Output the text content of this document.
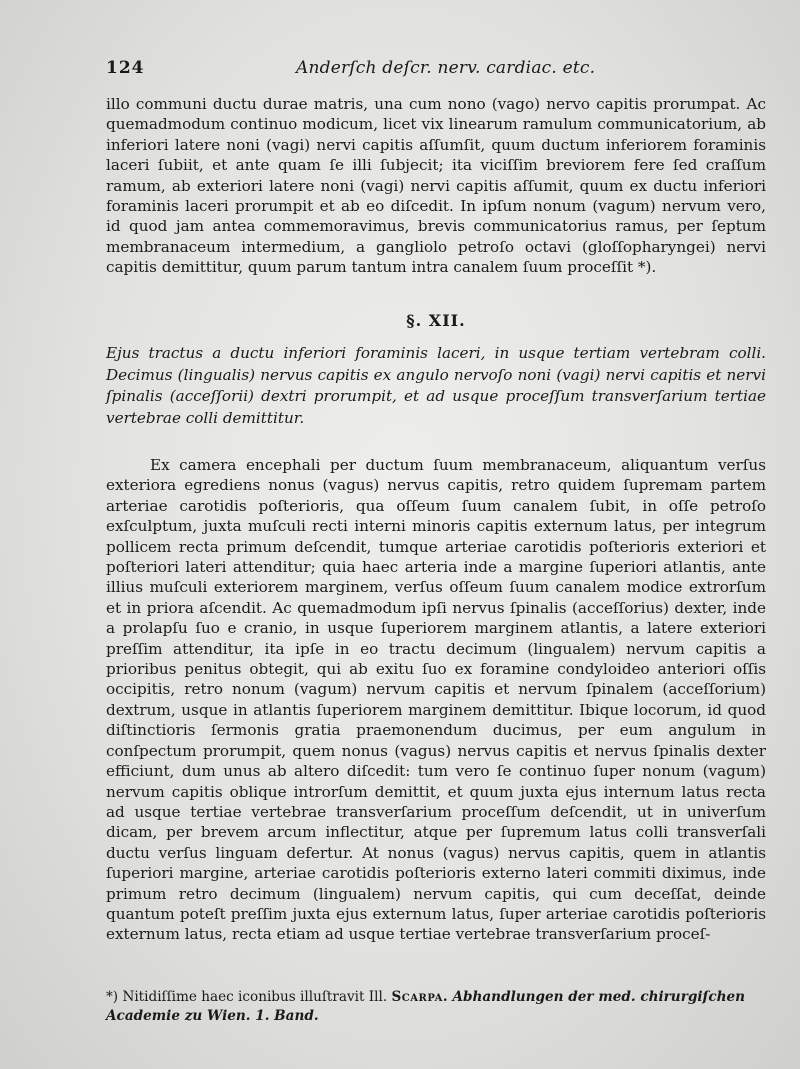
124	Anderſch deſcr. nerv. cardiac. etc.

illo communi ductu durae matris, una cum nono (vago) nervo capitis prorumpat. Ac quemadmodum continuo modicum, licet vix linearum ramulum communicatorium, ab inferiori latere noni (vagi) nervi capitis aſſumſit, quum ductum inferiorem foraminis laceri ſubiit, et ante quam ſe illi ſubjecit; ita viciſſim breviorem fere ſed craſſum ramum, ab exteriori latere noni (vagi) nervi capitis aſſumit, quum ex ductu inferiori foraminis laceri prorumpit et ab eo diſcedit. In ipſum nonum (vagum) nervum vero, id quod jam antea commemoravimus, brevis communicatorius ramus, per ſeptum membranaceum intermedium, a gangliolo petroſo octavi (gloſſopharyngei) nervi capitis demittitur, quum parum tantum intra canalem ſuum proceſſit *).

§. XII.

Ejus tractus a ductu inferiori foraminis laceri, in usque tertiam vertebram colli. Decimus (lingualis) nervus capitis ex angulo nervoſo noni (vagi) nervi capitis et nervi ſpinalis (acceſſorii) dextri prorumpit, et ad usque proceſſum transverſarium tertiae vertebrae colli demittitur.

Ex camera encephali per ductum ſuum membranaceum, aliquantum verſus exteriora egrediens nonus (vagus) nervus capitis, retro quidem ſupremam partem arteriae carotidis poſterioris, qua oſſeum ſuum canalem ſubit, in oſſe petroſo exſculptum, juxta muſculi recti interni minoris capitis externum latus, per integrum pollicem recta primum deſcendit, tumque arteriae carotidis poſterioris exteriori et poſteriori lateri attenditur; quia haec arteria inde a margine ſuperiori atlantis, ante illius muſculi exteriorem marginem, verſus oſſeum ſuum canalem modice extrorſum et in priora aſcendit. Ac quemadmodum ipſi nervus ſpinalis (acceſſorius) dexter, inde a prolapſu ſuo e cranio, in usque ſuperiorem marginem atlantis, a latere exteriori preſſim attenditur, ita ipſe in eo tractu decimum (lingualem) nervum capitis a prioribus penitus obtegit, qui ab exitu ſuo ex foramine condyloideo anteriori oſſis occipitis, retro nonum (vagum) nervum capitis et nervum ſpinalem (acceſſorium) dextrum, usque in atlantis ſuperiorem marginem demittitur. Ibique locorum, id quod diſtinctioris ſermonis gratia praemonendum ducimus, per eum angulum in conſpectum prorumpit, quem nonus (vagus) nervus capitis et nervus ſpinalis dexter efficiunt, dum unus ab altero diſcedit: tum vero ſe continuo ſuper nonum (vagum) nervum capitis oblique introrſum demittit, et quum juxta ejus internum latus recta ad usque tertiae vertebrae transverſarium proceſſum deſcendit, ut in univerſum dicam, per brevem arcum inflectitur, atque per ſupremum latus colli transverſali ductu verſus linguam defertur. At nonus (vagus) nervus capitis, quem in atlantis ſuperiori margine, arteriae carotidis poſterioris externo lateri commiti diximus, inde primum retro decimum (lingualem) nervum capitis, qui cum deceſſat, deinde quantum poteſt preſſim juxta ejus externum latus, ſuper arteriae carotidis poſterioris externum latus, recta etiam ad usque tertiae vertebrae transverſarium proceſ-

*) Nitidiſſime haec iconibus illuſtravit Ill. Scarpa. Abhandlungen der med. chirurgiſchen Academie zu Wien. 1. Band.
